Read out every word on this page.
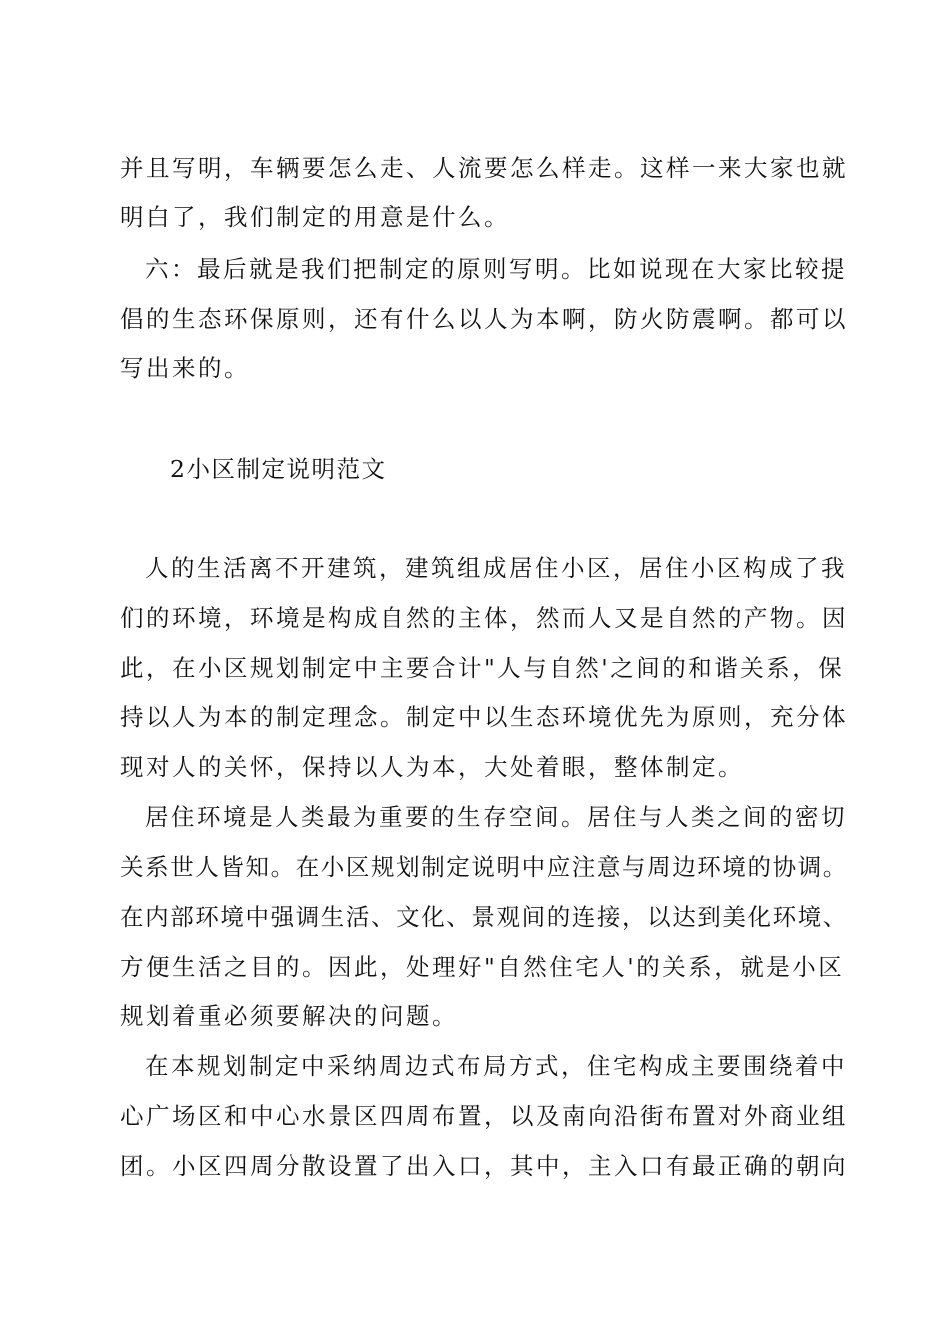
并且写明，车辆要怎么走、人流要怎么样走。这样一来大家也就

明白了，我们制定的用意是什么。

六：最后就是我们把制定的原则写明。比如说现在大家比较提

倡的生态环保原则，还有什么以人为本啊，防火防震啊。都可以

写出来的。

2小区制定说明范文

人的生活离不开建筑，建筑组成居住小区，居住小区构成了我

们的环境，环境是构成自然的主体，然而人又是自然的产物。因

此，在小区规划制定中主要合计"人与自然'之间的和谐关系，保

持以人为本的制定理念。制定中以生态环境优先为原则，充分体

现对人的关怀，保持以人为本，大处着眼，整体制定。

居住环境是人类最为重要的生存空间。居住与人类之间的密切

关系世人皆知。在小区规划制定说明中应注意与周边环境的协调。

在内部环境中强调生活、文化、景观间的连接，以达到美化环境、

方便生活之目的。因此，处理好"自然住宅人'的关系，就是小区

规划着重必须要解决的问题。

在本规划制定中采纳周边式布局方式，住宅构成主要围绕着中

心广场区和中心水景区四周布置，以及南向沿街布置对外商业组

团。小区四周分散设置了出入口，其中，主入口有最正确的朝向
